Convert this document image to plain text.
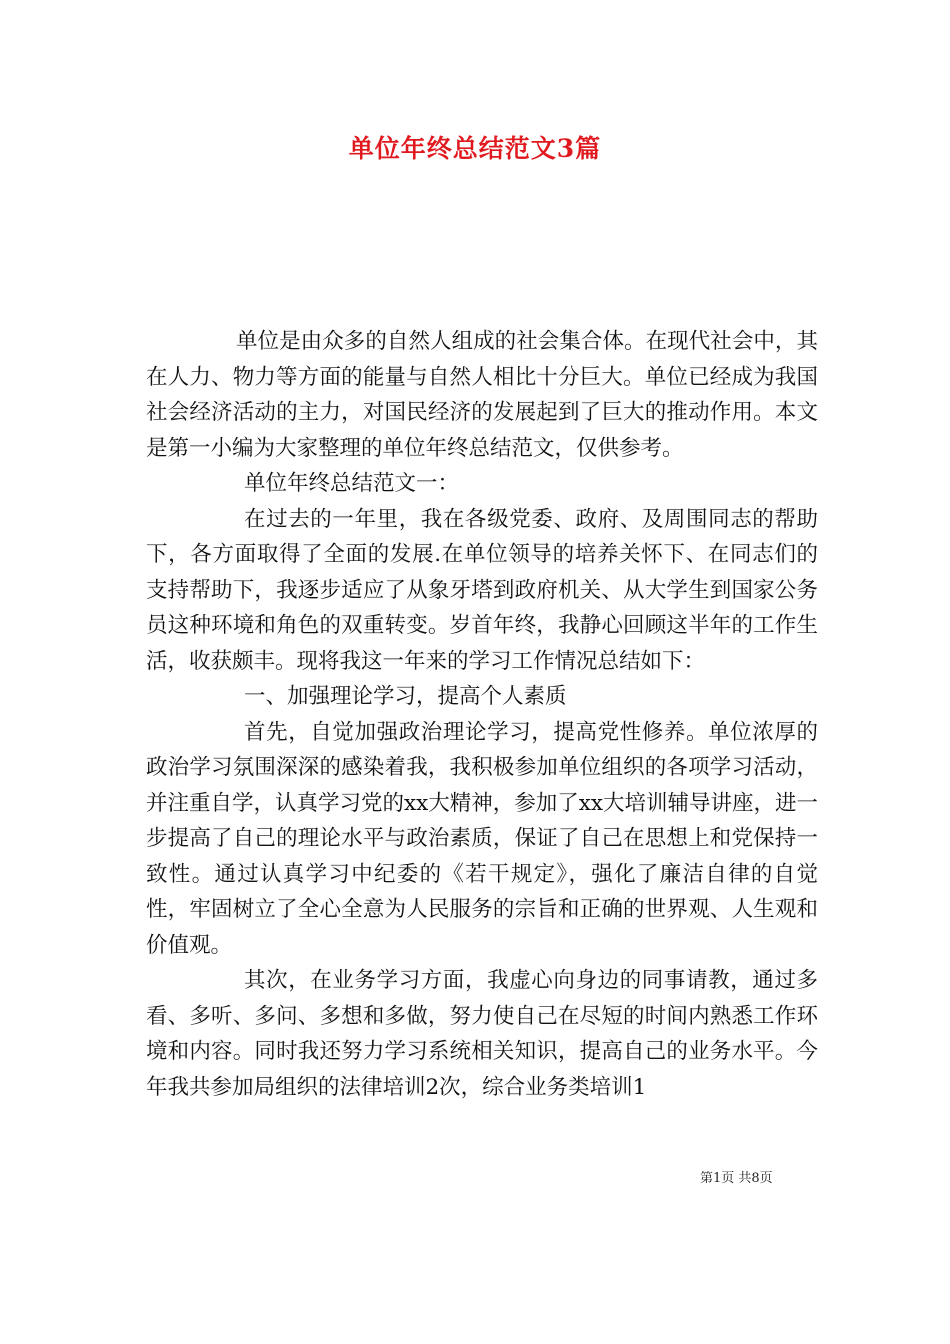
单位年终总结范文3篇

单位是由众多的自然人组成的社会集合体。在现代社会中，其在人力、物力等方面的能量与自然人相比十分巨大。单位已经成为我国社会经济活动的主力，对国民经济的发展起到了巨大的推动作用。本文是第一小编为大家整理的单位年终总结范文，仅供参考。

单位年终总结范文一：

在过去的一年里，我在各级党委、政府、及周围同志的帮助下，各方面取得了全面的发展.在单位领导的培养关怀下、在同志们的支持帮助下，我逐步适应了从象牙塔到政府机关、从大学生到国家公务员这种环境和角色的双重转变。岁首年终，我静心回顾这半年的工作生活，收获颇丰。现将我这一年来的学习工作情况总结如下：

一、加强理论学习，提高个人素质

首先，自觉加强政治理论学习，提高党性修养。单位浓厚的政治学习氛围深深的感染着我，我积极参加单位组织的各项学习活动，并注重自学，认真学习党的xx大精神，参加了xx大培训辅导讲座，进一步提高了自己的理论水平与政治素质，保证了自己在思想上和党保持一致性。通过认真学习中纪委的《若干规定》，强化了廉洁自律的自觉性，牢固树立了全心全意为人民服务的宗旨和正确的世界观、人生观和价值观。

其次，在业务学习方面，我虚心向身边的同事请教，通过多看、多听、多问、多想和多做，努力使自己在尽短的时间内熟悉工作环境和内容。同时我还努力学习系统相关知识，提高自己的业务水平。今年我共参加局组织的法律培训2次，综合业务类培训1

第1页 共8页
